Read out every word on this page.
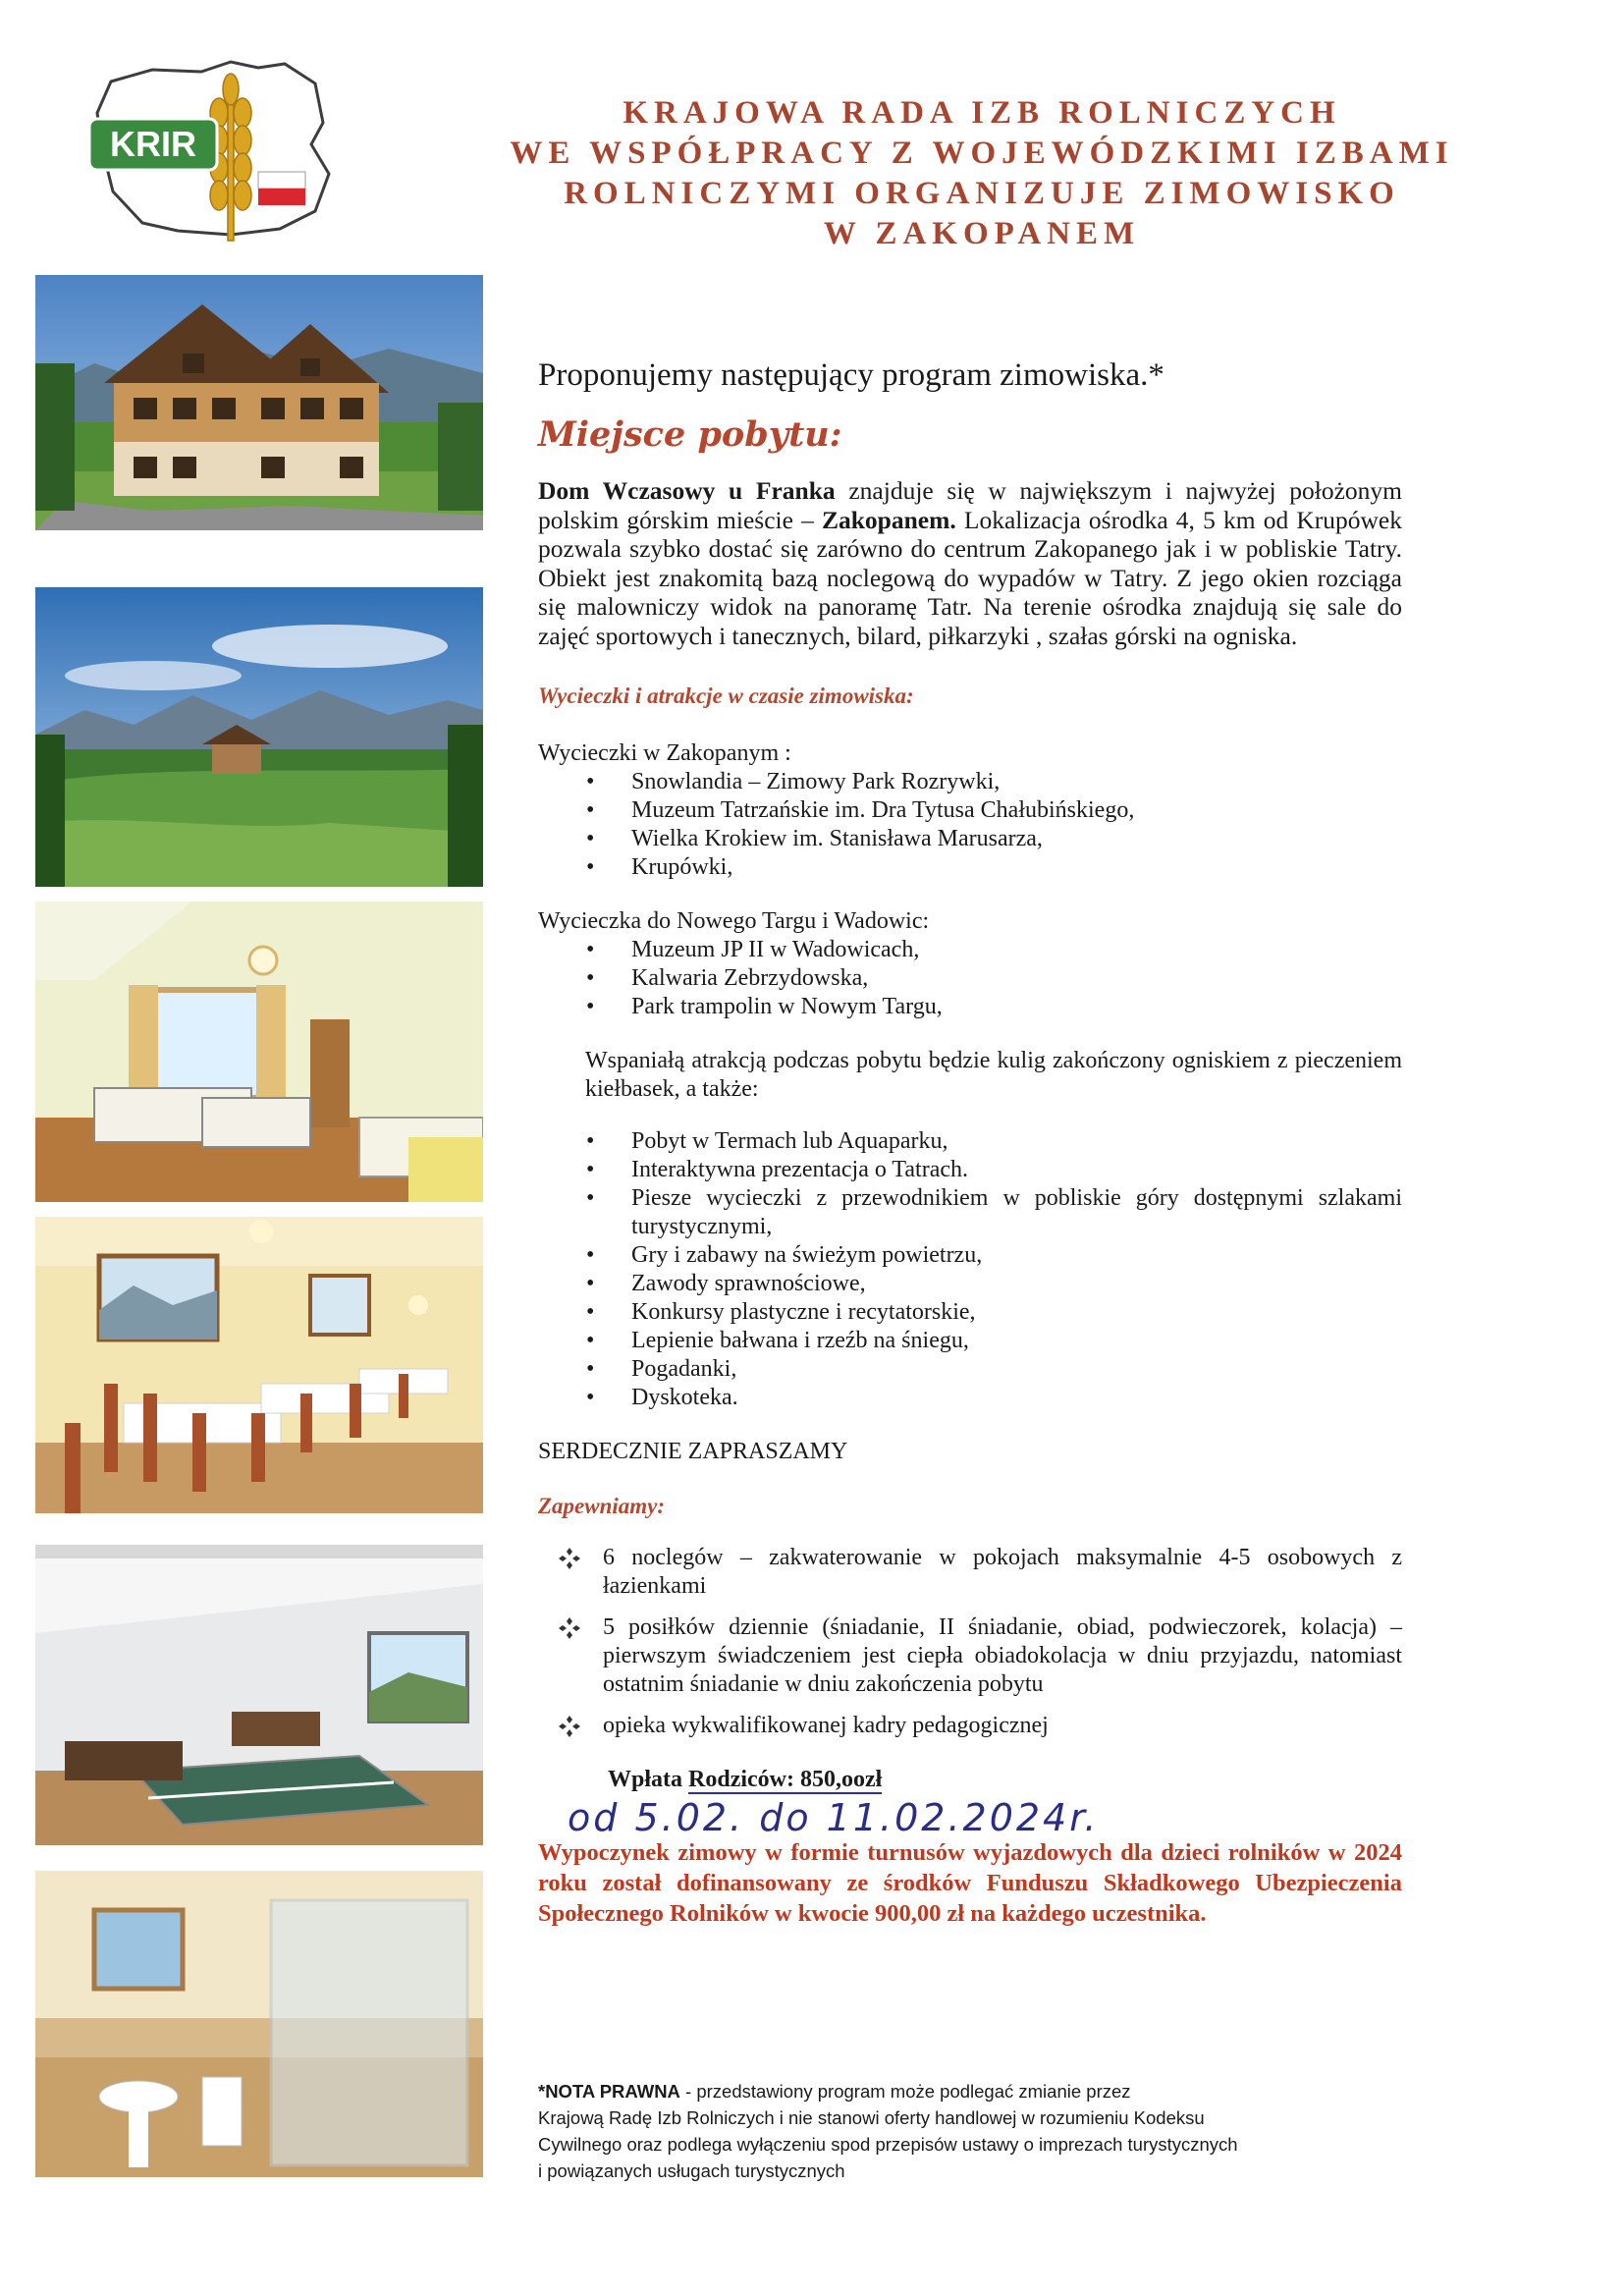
KRIR
KRAJOWA RADA IZB ROLNICZYCH
WE WSPÓŁPRACY Z WOJEWÓDZKIMI IZBAMI
ROLNICZYMI ORGANIZUJE ZIMOWISKO
W ZAKOPANEM
Proponujemy następujący program zimowiska.*
Miejsce pobytu:

Dom Wczasowy u Franka znajduje się w największym i najwyżej położonym polskim górskim mieście – Zakopanem. Lokalizacja ośrodka 4, 5 km od Krupówek pozwala szybko dostać się zarówno do centrum Zakopanego jak i w pobliskie Tatry. Obiekt jest znakomitą bazą noclegową do wypadów w Tatry. Z jego okien rozciąga się malowniczy widok na panoramę Tatr. Na terenie ośrodka znajdują się sale do zajęć sportowych i tanecznych, bilard, piłkarzyki , szałas górski na ogniska.

Wycieczki i atrakcje w czasie zimowiska:

Wycieczki w Zakopanym :

• Snowlandia – Zimowy Park Rozrywki,
• Muzeum Tatrzańskie im. Dra Tytusa Chałubińskiego,
• Wielka Krokiew im. Stanisława Marusarza,
• Krupówki,

Wycieczka do Nowego Targu i Wadowic:

• Muzeum JP II w Wadowicach,
• Kalwaria Zebrzydowska,
• Park trampolin w Nowym Targu,

Wspaniałą atrakcją podczas pobytu będzie kulig zakończony ogniskiem z pieczeniem kiełbasek, a także:

• Pobyt w Termach lub Aquaparku,
• Interaktywna prezentacja o Tatrach.
• Piesze wycieczki z przewodnikiem w pobliskie góry dostępnymi szlakami turystycznymi,
• Gry i zabawy na świeżym powietrzu,
• Zawody sprawnościowe,
• Konkursy plastyczne i recytatorskie,
• Lepienie bałwana i rzeźb na śniegu,
• Pogadanki,
• Dyskoteka.

SERDECZNIE ZAPRASZAMY

Zapewniamy:
6 noclegów – zakwaterowanie w pokojach maksymalnie 4-5 osobowych z łazienkami
5 posiłków dziennie (śniadanie, II śniadanie, obiad, podwieczorek, kolacja) – pierwszym świadczeniem jest ciepła obiadokolacja w dniu przyjazdu, natomiast ostatnim śniadanie w dniu zakończenia pobytu
opieka wykwalifikowanej kadry pedagogicznej
Wpłata Rodziców: 850,oozł
od 5.02. do 11.02.2024r.

Wypoczynek zimowy w formie turnusów wyjazdowych dla dzieci rolników w 2024 roku został dofinansowany ze środków Funduszu Składkowego Ubezpieczenia Społecznego Rolników w kwocie 900,00 zł na każdego uczestnika.

*NOTA PRAWNA - przedstawiony program może podlegać zmianie przez
Krajową Radę Izb Rolniczych i nie stanowi oferty handlowej w rozumieniu Kodeksu
Cywilnego oraz podlega wyłączeniu spod przepisów ustawy o imprezach turystycznych
i powiązanych usługach turystycznych
